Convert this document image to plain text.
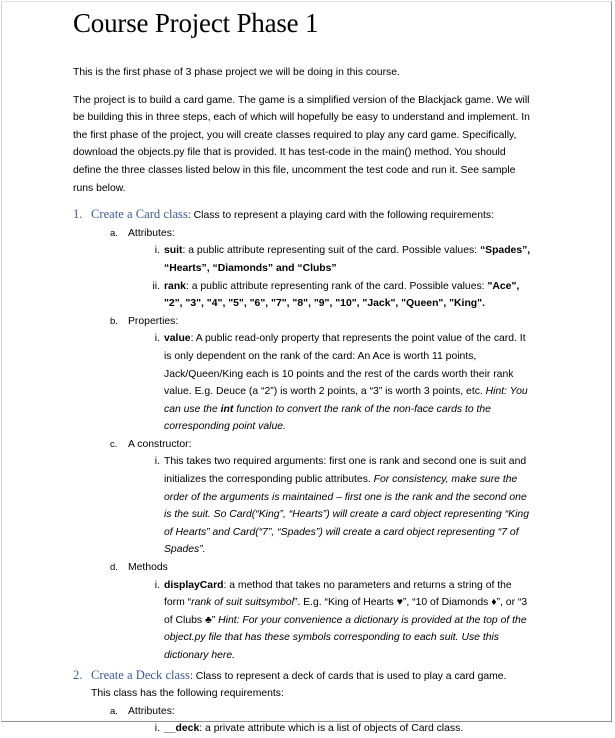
Course Project Phase 1

This is the first phase of 3 phase project we will be doing in this course.

The project is to build a card game. The game is a simplified version of the Blackjack game. We will be building this in three steps, each of which will hopefully be easy to understand and implement. In the first phase of the project, you will create classes required to play any card game. Specifically, download the objects.py file that is provided. It has test-code in the main() method. You should define the three classes listed below in this file, uncomment the test code and run it. See sample runs below.

1. Create a Card class: Class to represent a playing card with the following requirements:
a. Attributes:
i. suit: a public attribute representing suit of the card. Possible values: “Spades”, “Hearts”, “Diamonds” and “Clubs”
ii. rank: a public attribute representing rank of the card. Possible values: "Ace", "2", "3", "4", "5", "6", "7", "8", "9", "10", "Jack", "Queen", "King".
b. Properties:
i. value: A public read-only property that represents the point value of the card. It is only dependent on the rank of the card: An Ace is worth 11 points, Jack/Queen/King each is 10 points and the rest of the cards worth their rank value. E.g. Deuce (a “2”) is worth 2 points, a “3” is worth 3 points, etc. Hint: You can use the int function to convert the rank of the non-face cards to the corresponding point value.
c. A constructor:
i. This takes two required arguments: first one is rank and second one is suit and initializes the corresponding public attributes. For consistency, make sure the order of the arguments is maintained – first one is the rank and the second one is the suit. So Card(“King”, “Hearts”) will create a card object representing “King of Hearts” and Card(“7”, “Spades”) will create a card object representing “7 of Spades”.
d. Methods
i. displayCard: a method that takes no parameters and returns a string of the form “rank of suit suitsymbol”. E.g. “King of Hearts ♥”, “10 of Diamonds ♦”, or “3 of Clubs ♣” Hint: For your convenience a dictionary is provided at the top of the object.py file that has these symbols corresponding to each suit. Use this dictionary here.
2. Create a Deck class: Class to represent a deck of cards that is used to play a card game.
This class has the following requirements:
a. Attributes:
i. __deck: a private attribute which is a list of objects of Card class.
